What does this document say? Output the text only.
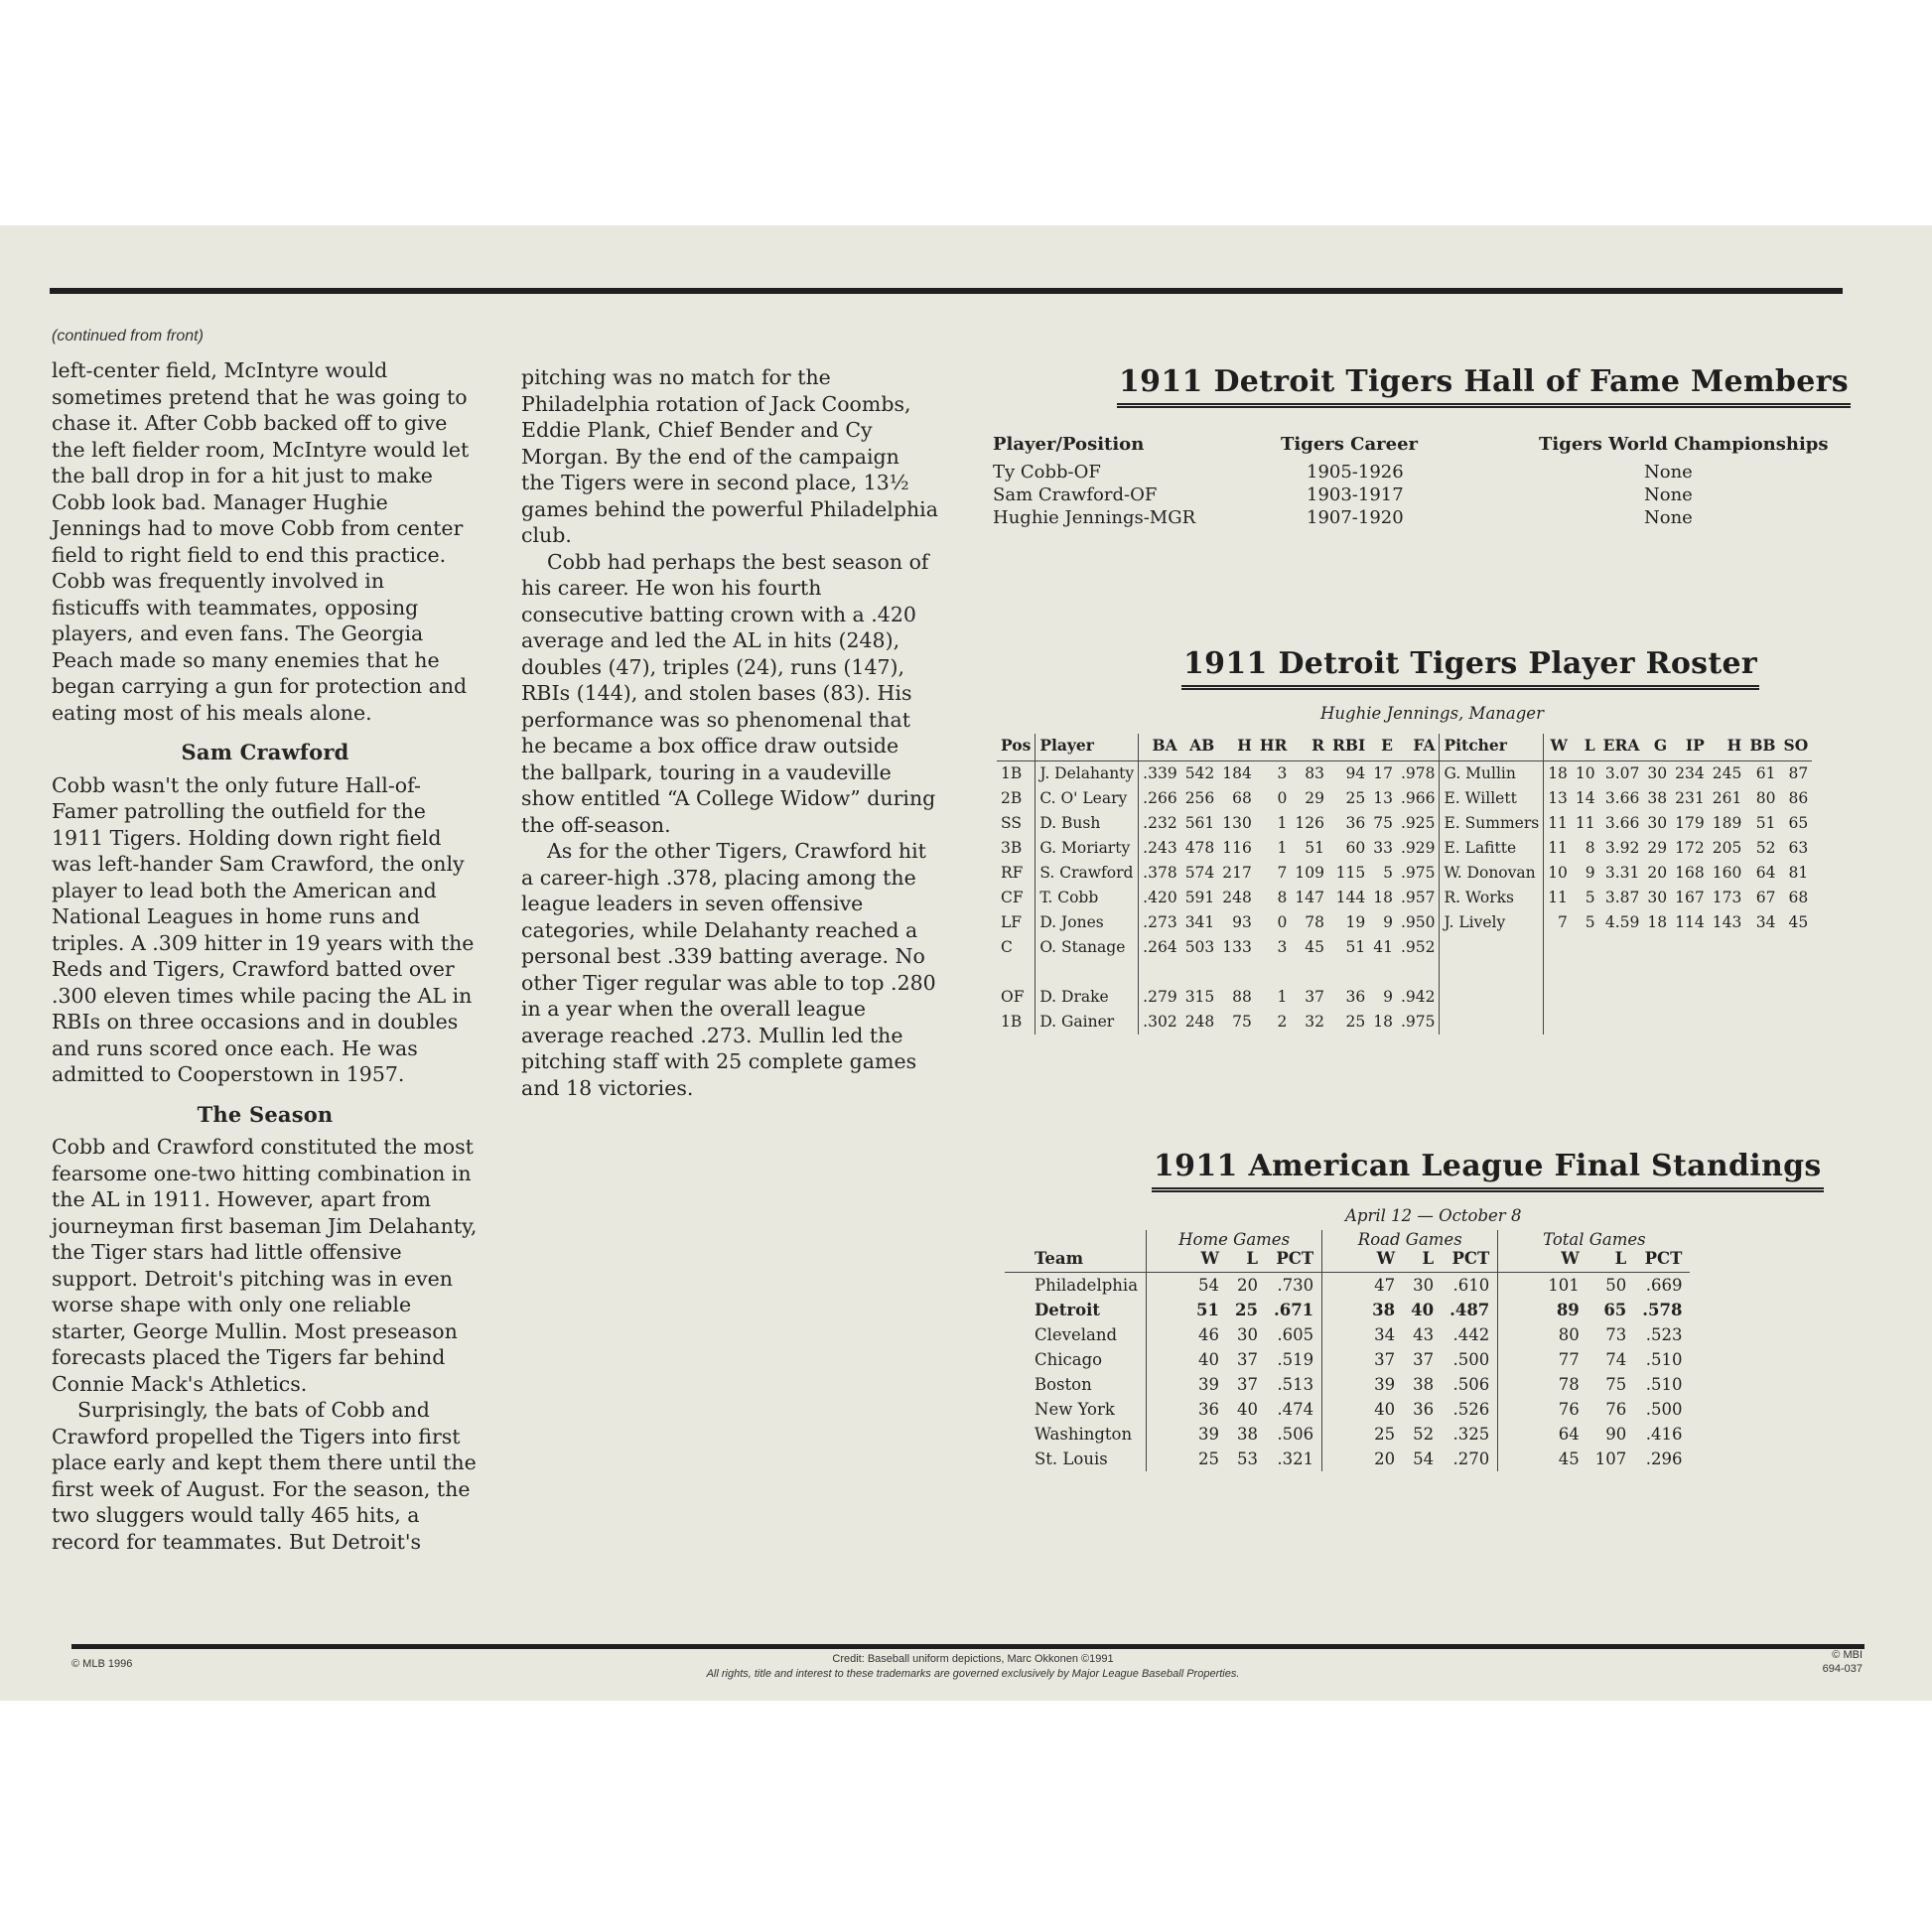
(continued from front)

left-center field, McIntyre would sometimes pretend that he was going to chase it. After Cobb backed off to give the left fielder room, McIntyre would let the ball drop in for a hit just to make Cobb look bad. Manager Hughie Jennings had to move Cobb from center field to right field to end this practice. Cobb was frequently involved in fisticuffs with teammates, opposing players, and even fans. The Georgia Peach made so many enemies that he began carrying a gun for protection and eating most of his meals alone.

Sam Crawford

Cobb wasn't the only future Hall-of-Famer patrolling the outfield for the 1911 Tigers. Holding down right field was left-hander Sam Crawford, the only player to lead both the American and National Leagues in home runs and triples. A .309 hitter in 19 years with the Reds and Tigers, Crawford batted over .300 eleven times while pacing the AL in RBIs on three occasions and in doubles and runs scored once each. He was admitted to Cooperstown in 1957.

The Season

Cobb and Crawford constituted the most fearsome one-two hitting combination in the AL in 1911. However, apart from journeyman first baseman Jim Delahanty, the Tiger stars had little offensive support. Detroit's pitching was in even worse shape with only one reliable starter, George Mullin. Most preseason forecasts placed the Tigers far behind Connie Mack's Athletics.

Surprisingly, the bats of Cobb and Crawford propelled the Tigers into first place early and kept them there until the first week of August. For the season, the two sluggers would tally 465 hits, a record for teammates. But Detroit's

pitching was no match for the Philadelphia rotation of Jack Coombs, Eddie Plank, Chief Bender and Cy Morgan. By the end of the campaign the Tigers were in second place, 13½ games behind the powerful Philadelphia club.

Cobb had perhaps the best season of his career. He won his fourth consecutive batting crown with a .420 average and led the AL in hits (248), doubles (47), triples (24), runs (147), RBIs (144), and stolen bases (83). His performance was so phenomenal that he became a box office draw outside the ballpark, touring in a vaudeville show entitled “A College Widow” during the off-season.

As for the other Tigers, Crawford hit a career-high .378, placing among the league leaders in seven offensive categories, while Delahanty reached a personal best .339 batting average. No other Tiger regular was able to top .280 in a year when the overall league average reached .273. Mullin led the pitching staff with 25 complete games and 18 victories.

1911 Detroit Tigers Hall of Fame Members
Player/Position	Tigers Career	Tigers World Championships
Ty Cobb-OF	1905-1926	None
Sam Crawford-OF	1903-1917	None
Hughie Jennings-MGR	1907-1920	None
1911 Detroit Tigers Player Roster
Hughie Jennings, Manager
Pos	Player	BA	AB	H	HR	R	RBI	E	FA	Pitcher	W	L	ERA	G	IP	H	BB	SO
1B	J. Delahanty	.339	542	184	3	83	94	17	.978	G. Mullin	18	10	3.07	30	234	245	61	87
2B	C. O' Leary	.266	256	68	0	29	25	13	.966	E. Willett	13	14	3.66	38	231	261	80	86
SS	D. Bush	.232	561	130	1	126	36	75	.925	E. Summers	11	11	3.66	30	179	189	51	65
3B	G. Moriarty	.243	478	116	1	51	60	33	.929	E. Lafitte	11	8	3.92	29	172	205	52	63
RF	S. Crawford	.378	574	217	7	109	115	5	.975	W. Donovan	10	9	3.31	20	168	160	64	81
CF	T. Cobb	.420	591	248	8	147	144	18	.957	R. Works	11	5	3.87	30	167	173	67	68
LF	D. Jones	.273	341	93	0	78	19	9	.950	J. Lively	7	5	4.59	18	114	143	34	45
C	O. Stanage	.264	503	133	3	45	51	41	.952									

OF	D. Drake	.279	315	88	1	37	36	9	.942									
1B	D. Gainer	.302	248	75	2	32	25	18	.975									
1911 American League Final Standings
April 12 — October 8
	Home Games			Road Games			Total Games		
Team	W	L	PCT	W	L	PCT	W	L	PCT
Philadelphia	54	20	.730	47	30	.610	101	50	.669
Detroit	51	25	.671	38	40	.487	89	65	.578
Cleveland	46	30	.605	34	43	.442	80	73	.523
Chicago	40	37	.519	37	37	.500	77	74	.510
Boston	39	37	.513	39	38	.506	78	75	.510
New York	36	40	.474	40	36	.526	76	76	.500
Washington	39	38	.506	25	52	.325	64	90	.416
St. Louis	25	53	.321	20	54	.270	45	107	.296
© MLB 1996	Credit: Baseball uniform depictions, Marc Okkonen ©1991
All rights, title and interest to these trademarks are governed exclusively by Major League Baseball Properties.
© MBI
694-037
